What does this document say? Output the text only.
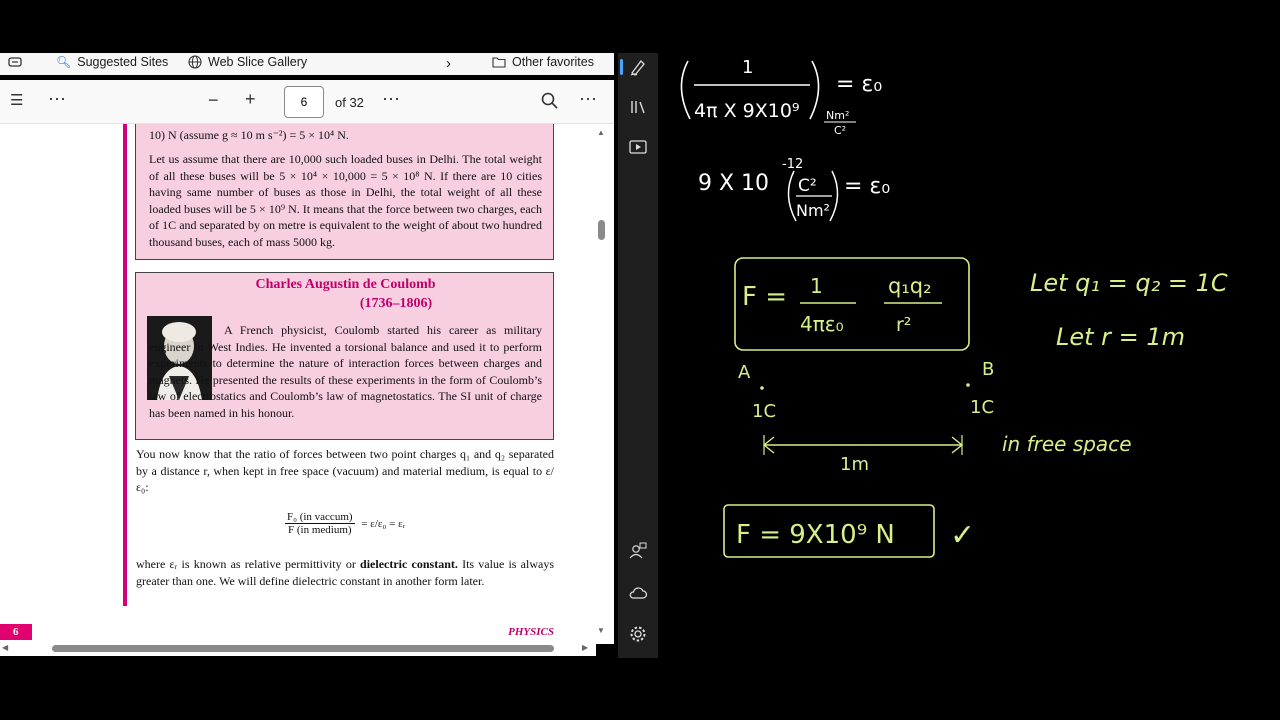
🔍︎ Suggested Sites	Web Slice Gallery	›	Other favorites
☰ ⋯	− +
6	of 32 ⋯	⋯
10) N (assume g ≈ 10 m s⁻²) = 5 × 10⁴ N.
Let us assume that there are 10,000 such loaded buses in Delhi. The total weight of all these buses will be 5 × 10⁴ × 10,000 = 5 × 10⁸ N. If there are 10 cities having same number of buses as those in Delhi, the total weight of all these loaded buses will be 5 × 10⁹ N. It means that the force between two charges, each of 1C and separated by on metre is equivalent to the weight of about two hundred thousand buses, each of mass 5000 kg.
Charles Augustin de Coulomb
(1736–1806)
A French physicist, Coulomb started his career as military engineer in West Indies. He invented a torsional balance and used it to perform experiments to determine the nature of interaction forces between charges and magnets. He presented the results of these experiments in the form of Coulomb’s law of electrostatics and Coulomb’s law of magnetostatics. The SI unit of charge has been named in his honour.
You now know that the ratio of forces between two point charges q₁ and q₂ separated by a distance r, when kept in free space (vacuum) and material medium, is equal to ε/ε₀:
F₀ (in vaccum)
F (in medium)
= ε/ε₀ = εᵣ
where εᵣ is known as relative permittivity or dielectric constant. Its value is always greater than one. We will define dielectric constant in another form later.
6	PHYSICS
▲
▼
◀	▶
1
4π X 9X10⁹ Nm²
C²
= ε₀
9 X 10
-12
C²
Nm²
= ε₀
F = 1
4πε₀
q₁q₂
r²
Let q₁ = q₂ = 1C
Let r = 1m
A
1C
B
1C
1m
in free space
F = 9X10⁹ N ✓
